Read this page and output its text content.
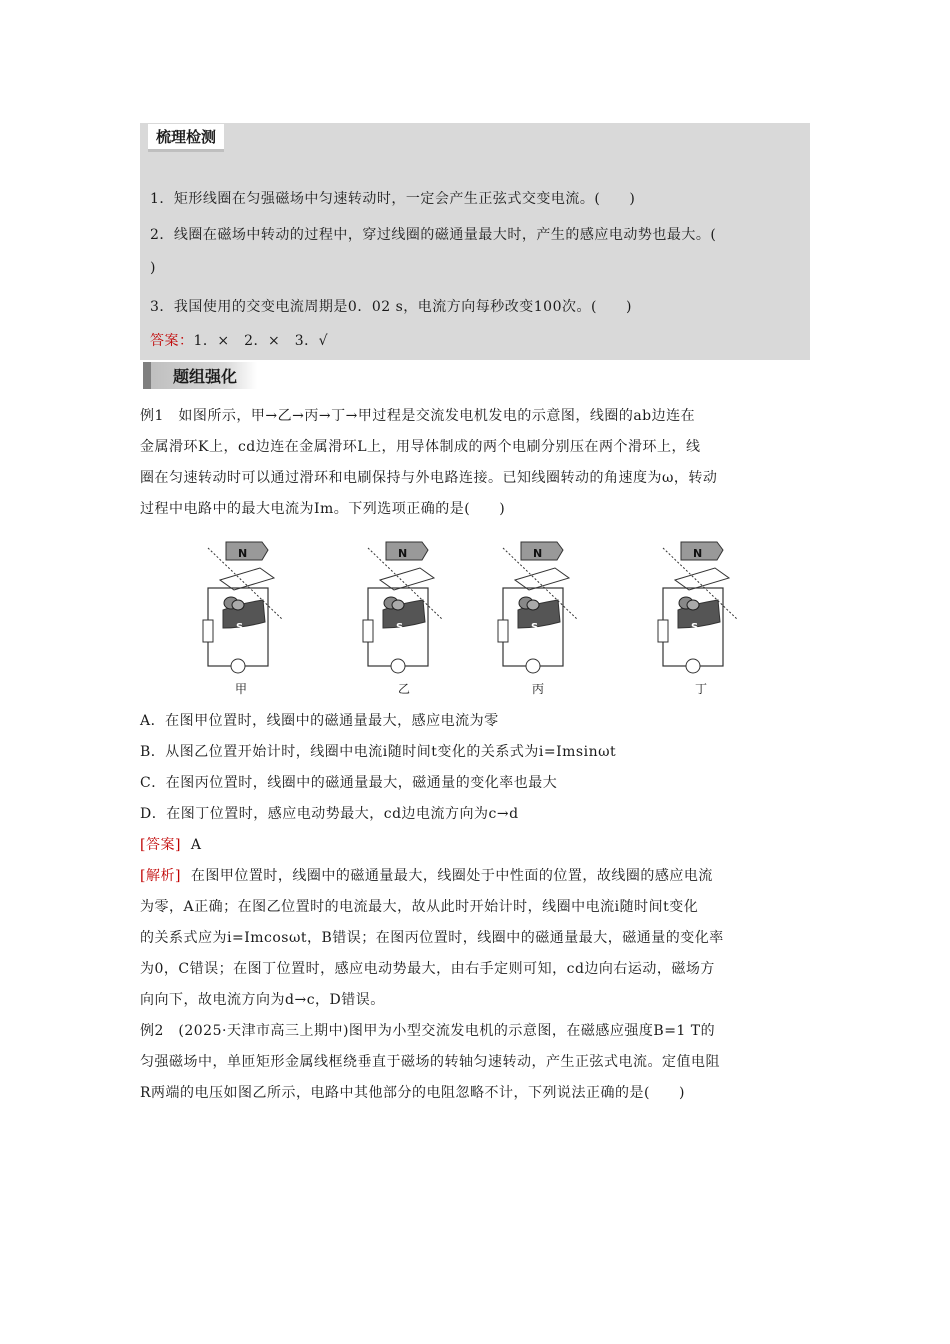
梳理检测
1．矩形线圈在匀强磁场中匀速转动时，一定会产生正弦式交变电流。(　　)
2．线圈在磁场中转动的过程中，穿过线圈的磁通量最大时，产生的感应电动势也最大。(
)
3．我国使用的交变电流周期是0．02 s，电流方向每秒改变100次。(　　)
答案：1．×　2．×　3．√
题组强化
例1　如图所示，甲→乙→丙→丁→甲过程是交流发电机发电的示意图，线圈的ab边连在
金属滑环K上，cd边连在金属滑环L上，用导体制成的两个电刷分别压在两个滑环上，线
圈在匀速转动时可以通过滑环和电刷保持与外电路连接。已知线圈转动的角速度为ω，转动
过程中电路中的最大电流为Im。下列选项正确的是(　　)
N
S
N
S
N
S
N
S
甲	乙	丙	丁
A．在图甲位置时，线圈中的磁通量最大，感应电流为零
B．从图乙位置开始计时，线圈中电流i随时间t变化的关系式为i=Imsinωt
C．在图丙位置时，线圈中的磁通量最大，磁通量的变化率也最大
D．在图丁位置时，感应电动势最大，cd边电流方向为c→d
[答案] A
[解析] 在图甲位置时，线圈中的磁通量最大，线圈处于中性面的位置，故线圈的感应电流
为零，A正确；在图乙位置时的电流最大，故从此时开始计时，线圈中电流i随时间t变化
的关系式应为i=Imcosωt，B错误；在图丙位置时，线圈中的磁通量最大，磁通量的变化率
为0，C错误；在图丁位置时，感应电动势最大，由右手定则可知，cd边向右运动，磁场方
向向下，故电流方向为d→c，D错误。
例2　(2025·天津市高三上期中)图甲为小型交流发电机的示意图，在磁感应强度B=1 T的
匀强磁场中，单匝矩形金属线框绕垂直于磁场的转轴匀速转动，产生正弦式电流。定值电阻
R两端的电压如图乙所示，电路中其他部分的电阻忽略不计，下列说法正确的是(　　)
